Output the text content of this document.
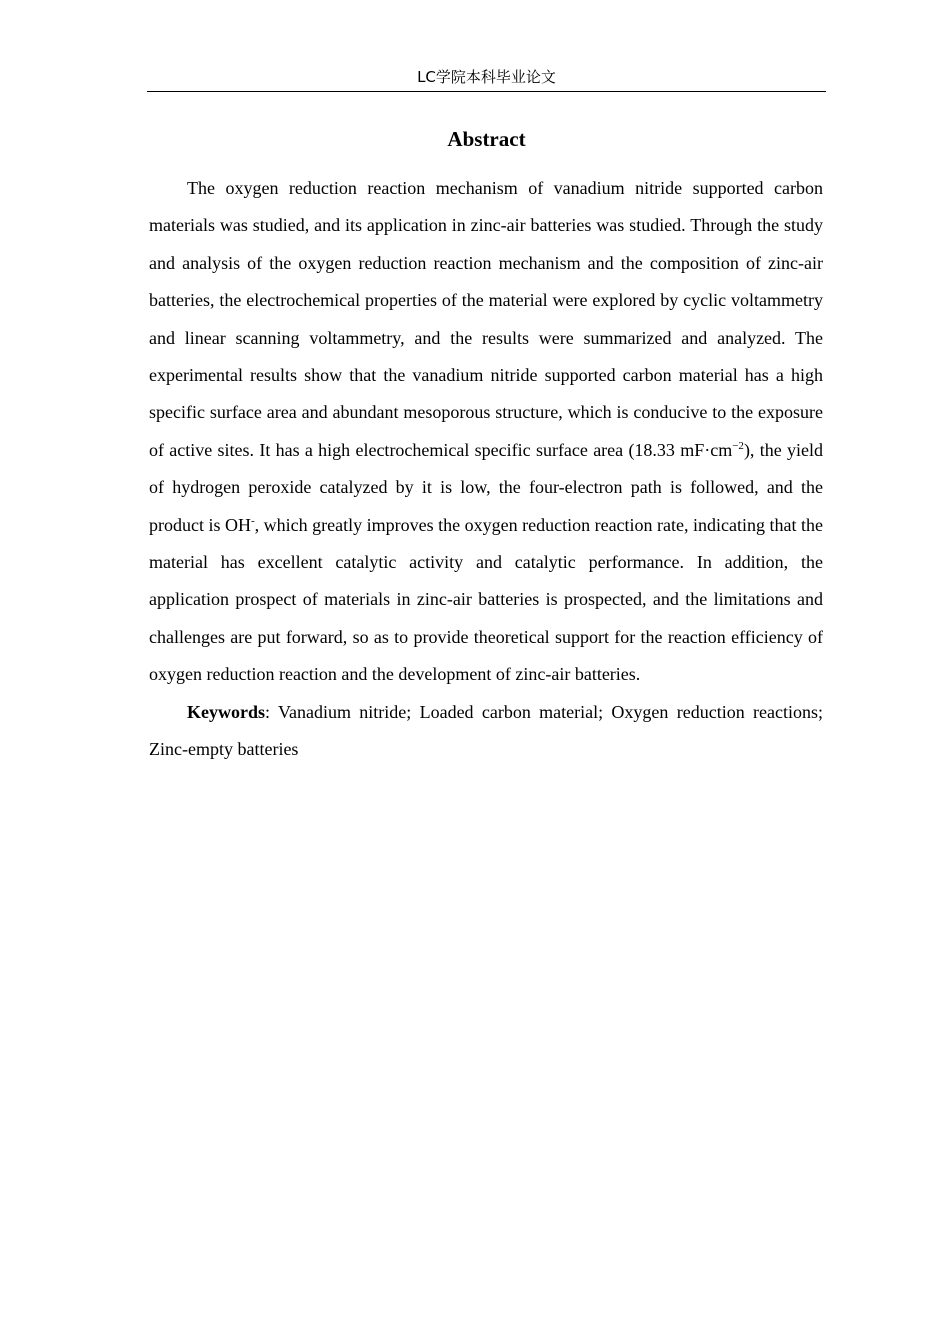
LC学院本科毕业论文
Abstract

The oxygen reduction reaction mechanism of vanadium nitride supported carbon materials was studied, and its application in zinc-air batteries was studied. Through the study and analysis of the oxygen reduction reaction mechanism and the composition of zinc-air batteries, the electrochemical properties of the material were explored by cyclic voltammetry and linear scanning voltammetry, and the results were summarized and analyzed. The experimental results show that the vanadium nitride supported carbon material has a high specific surface area and abundant mesoporous structure, which is conducive to the exposure of active sites. It has a high electrochemical specific surface area (18.33 $mF\cdot cm^{-2}$), the yield of hydrogen peroxide catalyzed by it is low, the four-electron path is followed, and the product is OH-, which greatly improves the oxygen reduction reaction rate, indicating that the material has excellent catalytic activity and catalytic performance. In addition, the application prospect of materials in zinc-air batteries is prospected, and the limitations and challenges are put forward, so as to provide theoretical support for the reaction efficiency of oxygen reduction reaction and the development of zinc-air batteries.

Keywords: Vanadium nitride; Loaded carbon material; Oxygen reduction reactions; Zinc-empty batteries
